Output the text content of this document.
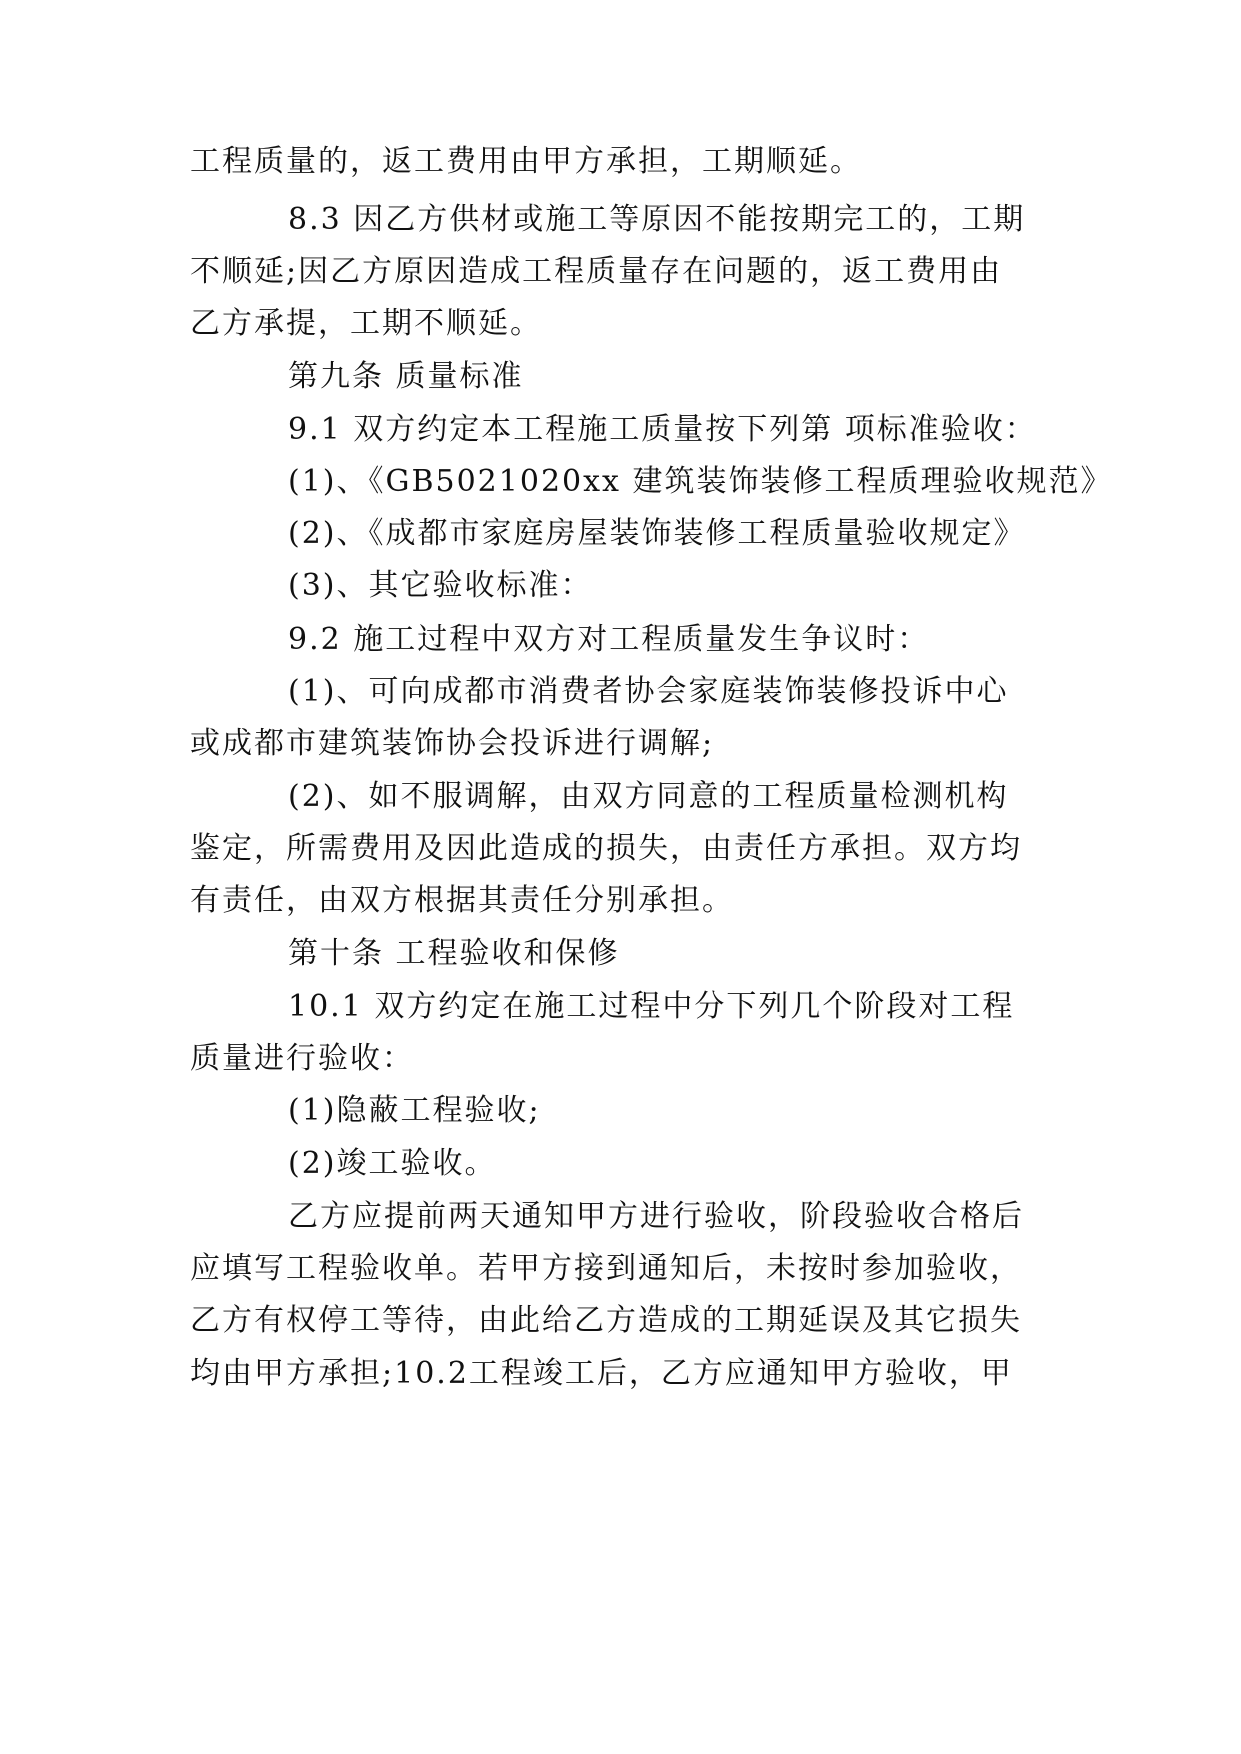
工程质量的，返工费用由甲方承担，工期顺延。
8.3 因乙方供材或施工等原因不能按期完工的，工期
不顺延;因乙方原因造成工程质量存在问题的，返工费用由
乙方承提，工期不顺延。
第九条 质量标准
9.1 双方约定本工程施工质量按下列第 项标准验收：
(1)、《GB5021020xx 建筑装饰装修工程质理验收规范》
(2)、《成都市家庭房屋装饰装修工程质量验收规定》
(3)、其它验收标准：
9.2 施工过程中双方对工程质量发生争议时：
(1)、可向成都市消费者协会家庭装饰装修投诉中心
或成都市建筑装饰协会投诉进行调解;
(2)、如不服调解，由双方同意的工程质量检测机构
鉴定，所需费用及因此造成的损失，由责任方承担。双方均
有责任，由双方根据其责任分别承担。
第十条 工程验收和保修
10.1 双方约定在施工过程中分下列几个阶段对工程
质量进行验收：
(1)隐蔽工程验收;
(2)竣工验收。
乙方应提前两天通知甲方进行验收，阶段验收合格后
应填写工程验收单。若甲方接到通知后，未按时参加验收，
乙方有权停工等待，由此给乙方造成的工期延误及其它损失
均由甲方承担;10.2工程竣工后，乙方应通知甲方验收，甲
